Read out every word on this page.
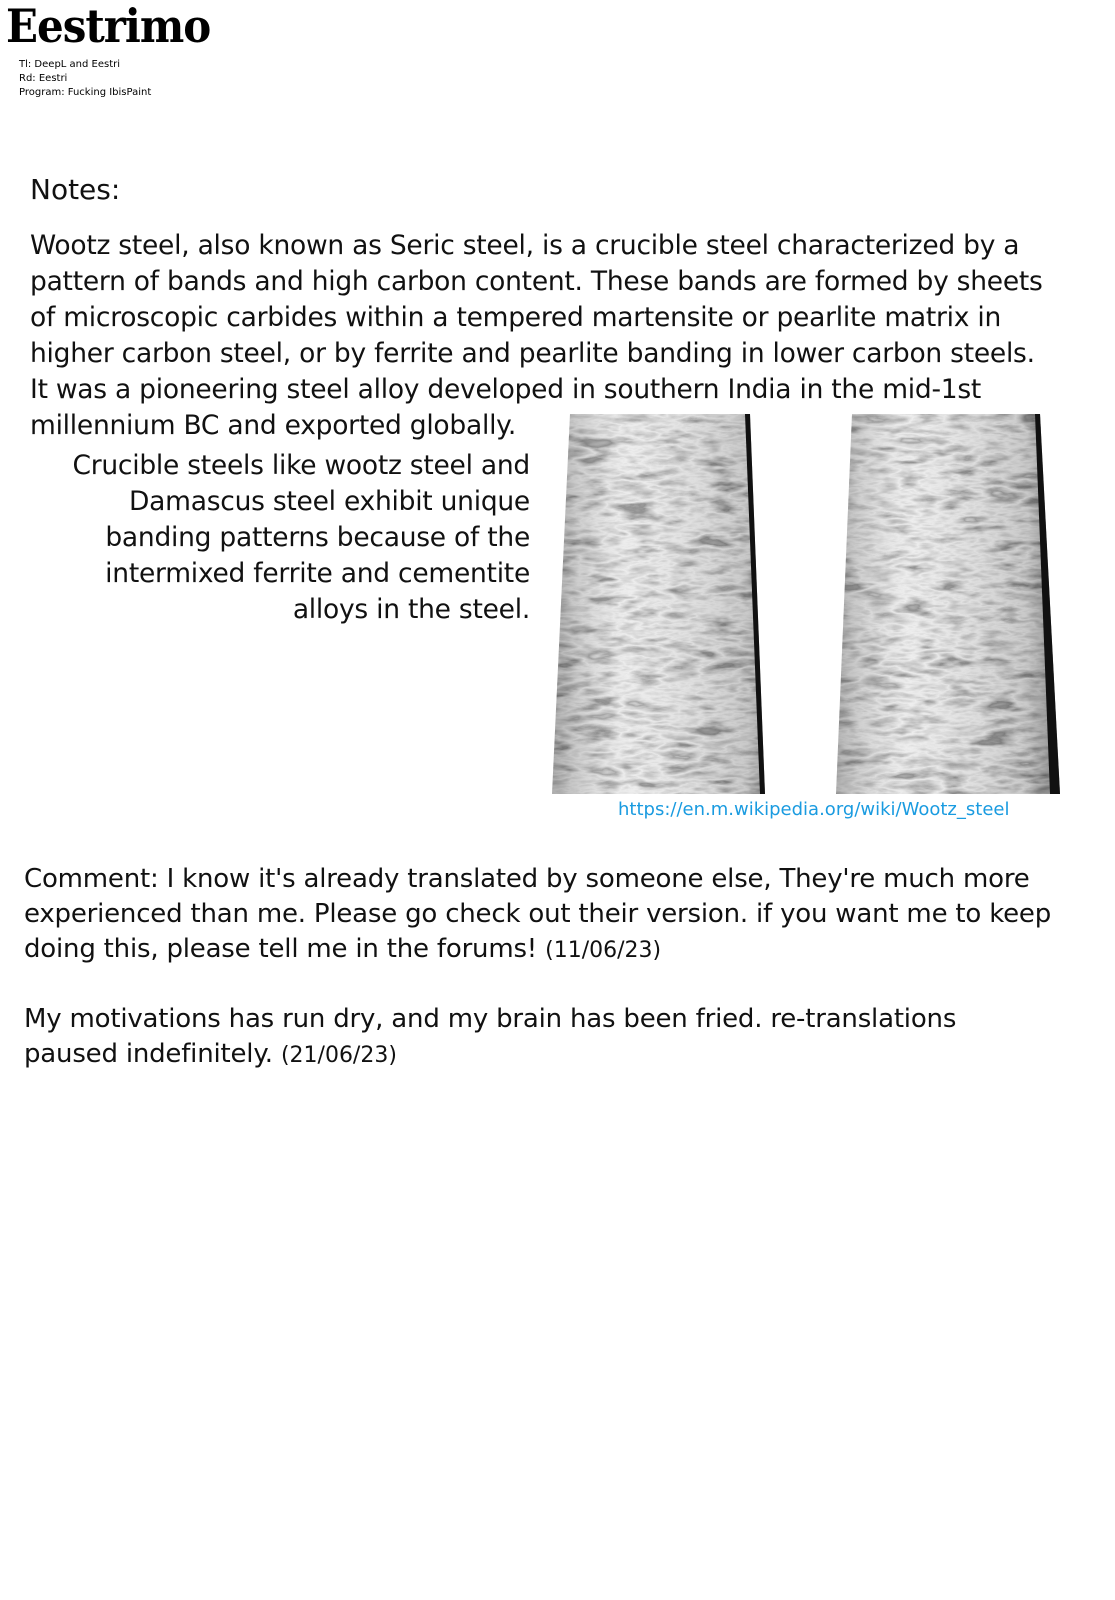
Eestrimo
Tl: DeepL and Eestri
Rd: Eestri
Program: Fucking IbisPaint
Notes:
Wootz steel, also known as Seric steel, is a crucible steel characterized by a
pattern of bands and high carbon content. These bands are formed by sheets
of microscopic carbides within a tempered martensite or pearlite matrix in
higher carbon steel, or by ferrite and pearlite banding in lower carbon steels.
It was a pioneering steel alloy developed in southern India in the mid-1st
millennium BC and exported globally.
Crucible steels like wootz steel and
Damascus steel exhibit unique
banding patterns because of the
intermixed ferrite and cementite
alloys in the steel.
https://en.m.wikipedia.org/wiki/Wootz_steel
Comment: I know it's already translated by someone else, They're much more
experienced than me. Please go check out their version. if you want me to keep
doing this, please tell me in the forums! (11/06/23)
My motivations has run dry, and my brain has been fried. re-translations
paused indefinitely. (21/06/23)
